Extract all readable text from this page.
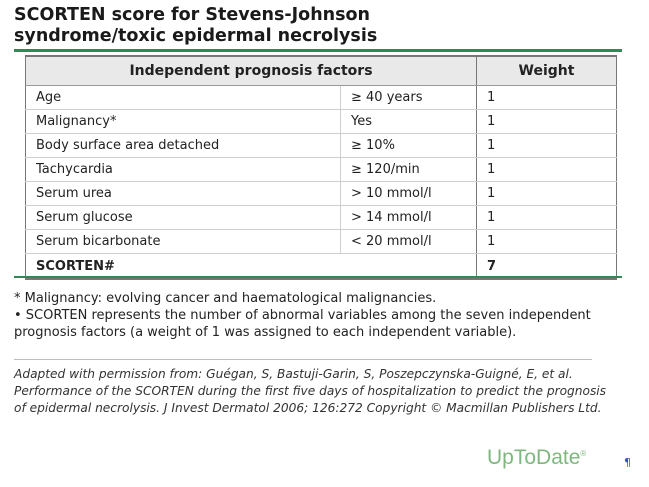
SCORTEN score for Stevens-Johnson
syndrome/toxic epidermal necrolysis
Independent prognosis factors		Weight
Age	≥ 40 years	1
Malignancy*	Yes	1
Body surface area detached	≥ 10%	1
Tachycardia	≥ 120/min	1
Serum urea	> 10 mmol/l	1
Serum glucose	> 14 mmol/l	1
Serum bicarbonate	< 20 mmol/l	1
SCORTEN#		7

* Malignancy: evolving cancer and haematological malignancies.

• SCORTEN represents the number of abnormal variables among the seven independent prognosis factors (a weight of 1 was assigned to each independent variable).

Adapted with permission from: Guégan, S, Bastuji-Garin, S, Poszepczynska-Guigné, E, et al. Performance of the SCORTEN during the first five days of hospitalization to predict the prognosis of epidermal necrolysis. J Invest Dermatol 2006; 126:272 Copyright © Macmillan Publishers Ltd.
UpToDate®
¶
